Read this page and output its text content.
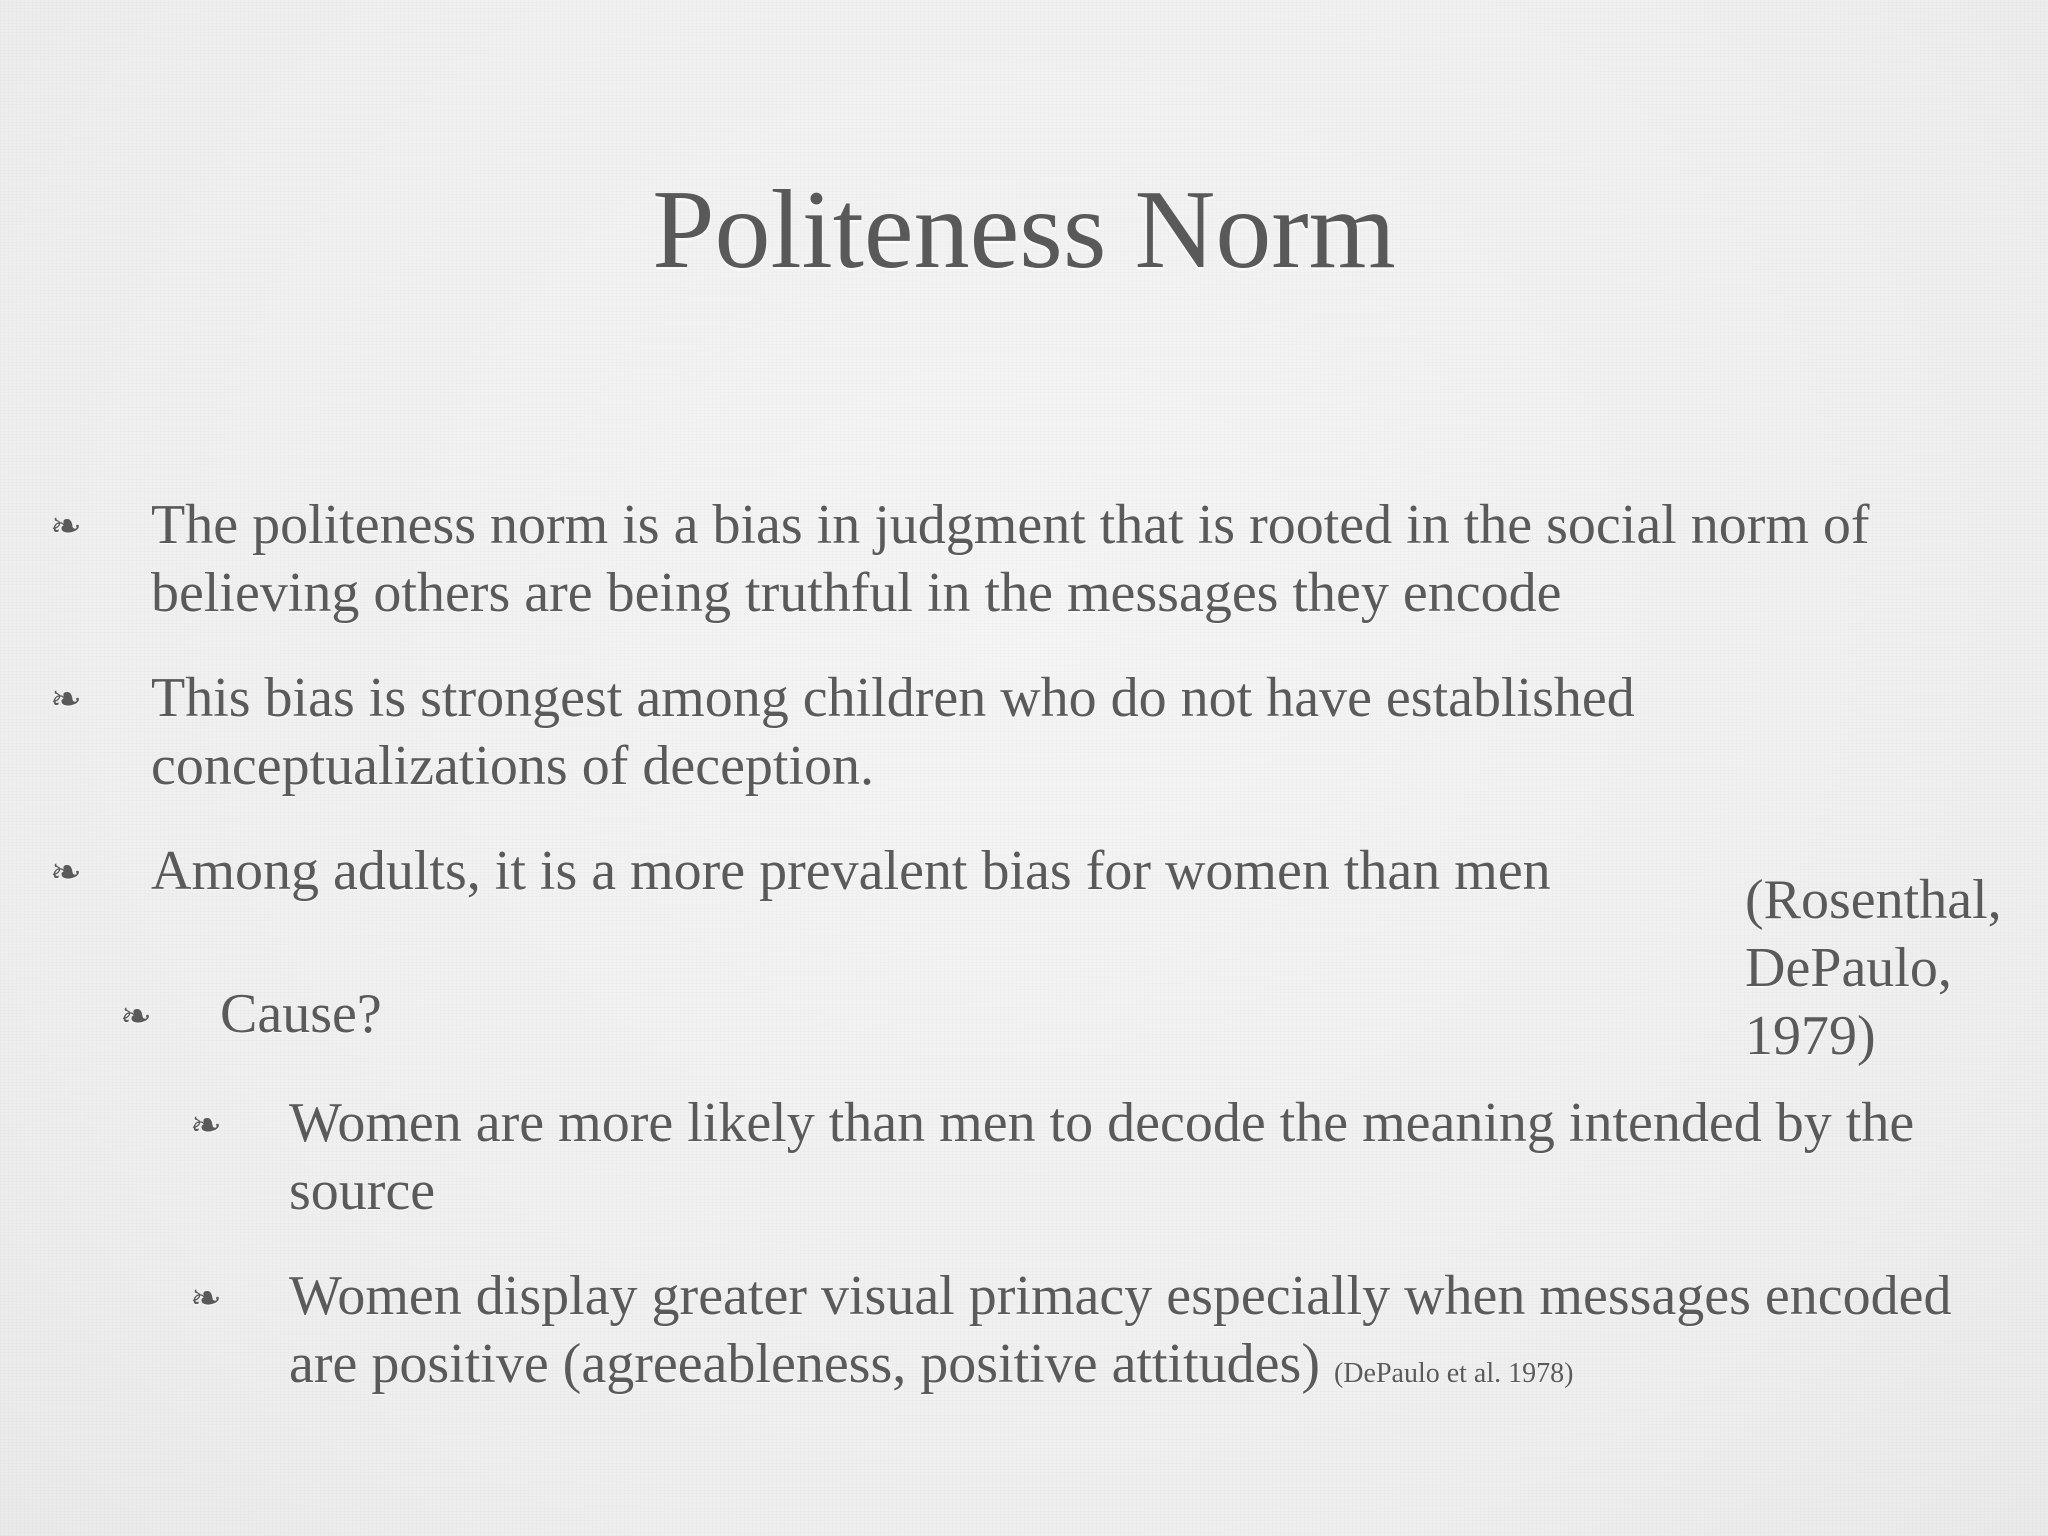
Politeness Norm
❧ The politeness norm is a bias in judgment that is rooted in the social norm of believing others are being truthful in the messages they encode
❧ This bias is strongest among children who do not have established conceptualizations of deception.
❧ Among adults, it is a more prevalent bias for women than men	(Rosenthal, DePaulo, 1979)
❧ Cause?
❧ Women are more likely than men to decode the meaning intended by the source
❧ Women display greater visual primacy especially when messages encoded are positive (agreeableness, positive attitudes) (DePaulo et al. 1978)
